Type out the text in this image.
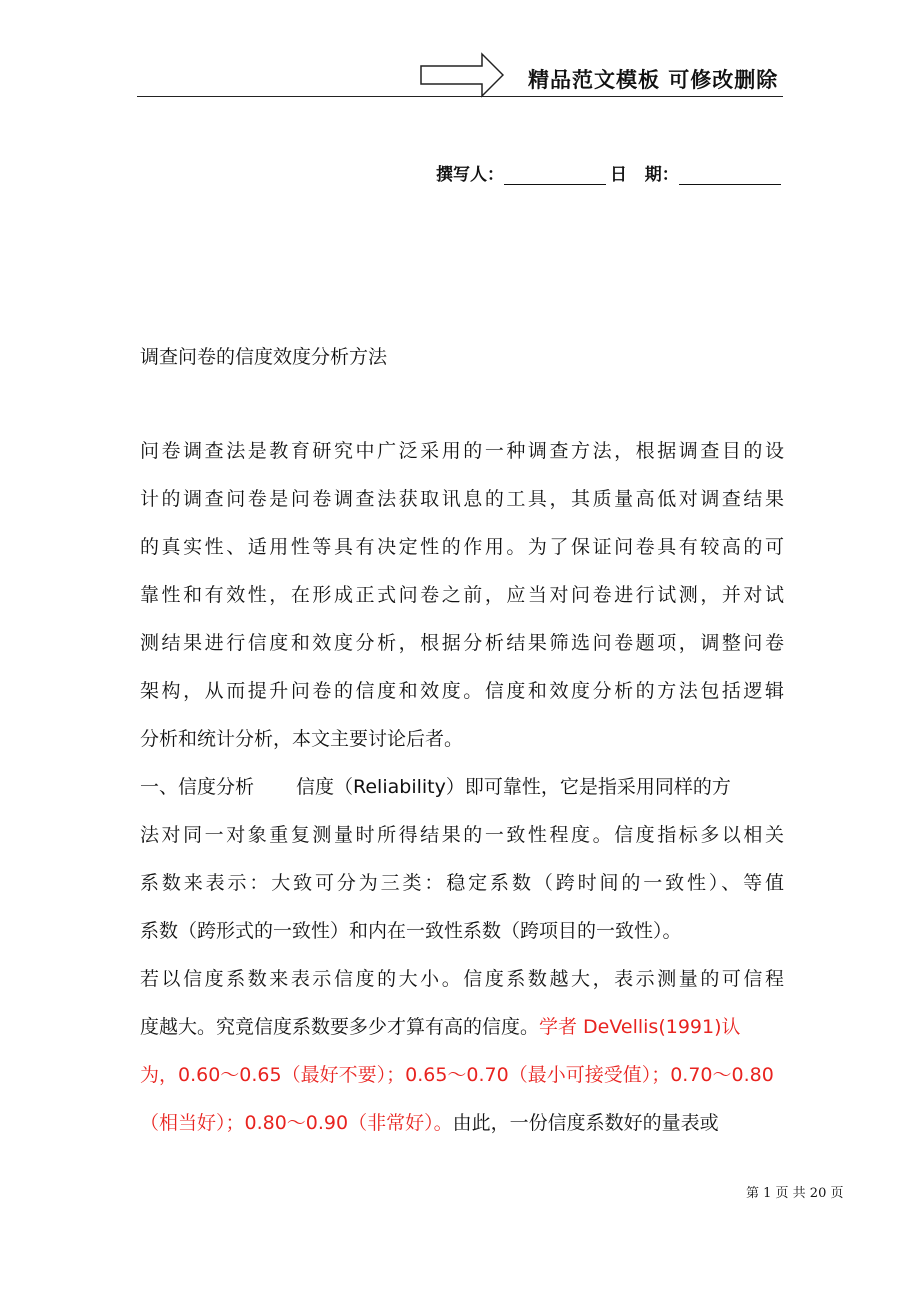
精品范文模板 可修改删除
撰写人：	日   期：
调查问卷的信度效度分析方法
问卷调查法是教育研究中广泛采用的一种调查方法，根据调查目的设
计的调查问卷是问卷调查法获取讯息的工具，其质量高低对调查结果
的真实性、适用性等具有决定性的作用。为了保证问卷具有较高的可
靠性和有效性，在形成正式问卷之前，应当对问卷进行试测，并对试
测结果进行信度和效度分析，根据分析结果筛选问卷题项，调整问卷
架构，从而提升问卷的信度和效度。信度和效度分析的方法包括逻辑
分析和统计分析，本文主要讨论后者。
一、信度分析 信度（Reliability）即可靠性，它是指采用同样的方
法对同一对象重复测量时所得结果的一致性程度。信度指标多以相关
系数来表示：大致可分为三类：稳定系数（跨时间的一致性）、等值
系数（跨形式的一致性）和内在一致性系数（跨项目的一致性）。
若以信度系数来表示信度的大小。信度系数越大，表示测量的可信程
度越大。究竟信度系数要多少才算有高的信度。学者 DeVellis(1991)认
为，0.60～0.65（最好不要）；0.65～0.70（最小可接受值）；0.70～0.80
（相当好）；0.80～0.90（非常好）。由此，一份信度系数好的量表或
第 1 页 共 20 页
